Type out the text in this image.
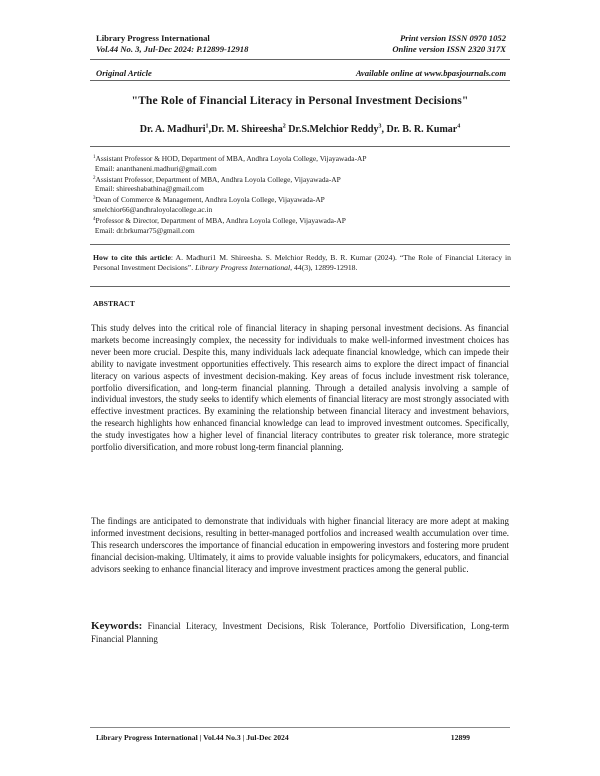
Library Progress International
Vol.44 No. 3, Jul-Dec 2024: P.12899-12918
Print version ISSN 0970 1052
Online version ISSN 2320 317X
Original Article	Available online at www.bpasjournals.com
"The Role of Financial Literacy in Personal Investment Decisions"
Dr. A. Madhuri$^1$,Dr. M. Shireesha$^2$ Dr.S.Melchior Reddy$^3$, Dr. B. R. Kumar$^4$
$^1$Assistant Professor & HOD, Department of MBA, Andhra Loyola College, Vijayawada-AP
Email: ananthaneni.madhuri@gmail.com
$^2$Assistant Professor, Department of MBA, Andhra Loyola College, Vijayawada-AP
Email: shireeshabathina@gmail.com
$^3$Dean of Commerce & Management, Andhra Loyola College, Vijayawada-AP
smelchior66@andhraloyolacollege.ac.in
$^4$Professor & Director, Department of MBA, Andhra Loyola College, Vijayawada-AP
Email: dr.brkumar75@gmail.com
How to cite this article: A. Madhuri1 M. Shireesha. S. Melchior Reddy, B. R. Kumar (2024). “The Role of Financial Literacy in Personal Investment Decisions”. Library Progress International, 44(3), 12899-12918.
ABSTRACT
This study delves into the critical role of financial literacy in shaping personal investment decisions. As financial markets become increasingly complex, the necessity for individuals to make well-informed investment choices has never been more crucial. Despite this, many individuals lack adequate financial knowledge, which can impede their ability to navigate investment opportunities effectively. This research aims to explore the direct impact of financial literacy on various aspects of investment decision-making. Key areas of focus include investment risk tolerance, portfolio diversification, and long-term financial planning. Through a detailed analysis involving a sample of individual investors, the study seeks to identify which elements of financial literacy are most strongly associated with effective investment practices. By examining the relationship between financial literacy and investment behaviors, the research highlights how enhanced financial knowledge can lead to improved investment outcomes. Specifically, the study investigates how a higher level of financial literacy contributes to greater risk tolerance, more strategic portfolio diversification, and more robust long-term financial planning.
The findings are anticipated to demonstrate that individuals with higher financial literacy are more adept at making informed investment decisions, resulting in better-managed portfolios and increased wealth accumulation over time. This research underscores the importance of financial education in empowering investors and fostering more prudent financial decision-making. Ultimately, it aims to provide valuable insights for policymakers, educators, and financial advisors seeking to enhance financial literacy and improve investment practices among the general public.
Keywords: Financial Literacy, Investment Decisions, Risk Tolerance, Portfolio Diversification, Long-term Financial Planning
Library Progress International | Vol.44 No.3 | Jul-Dec 2024	12899
